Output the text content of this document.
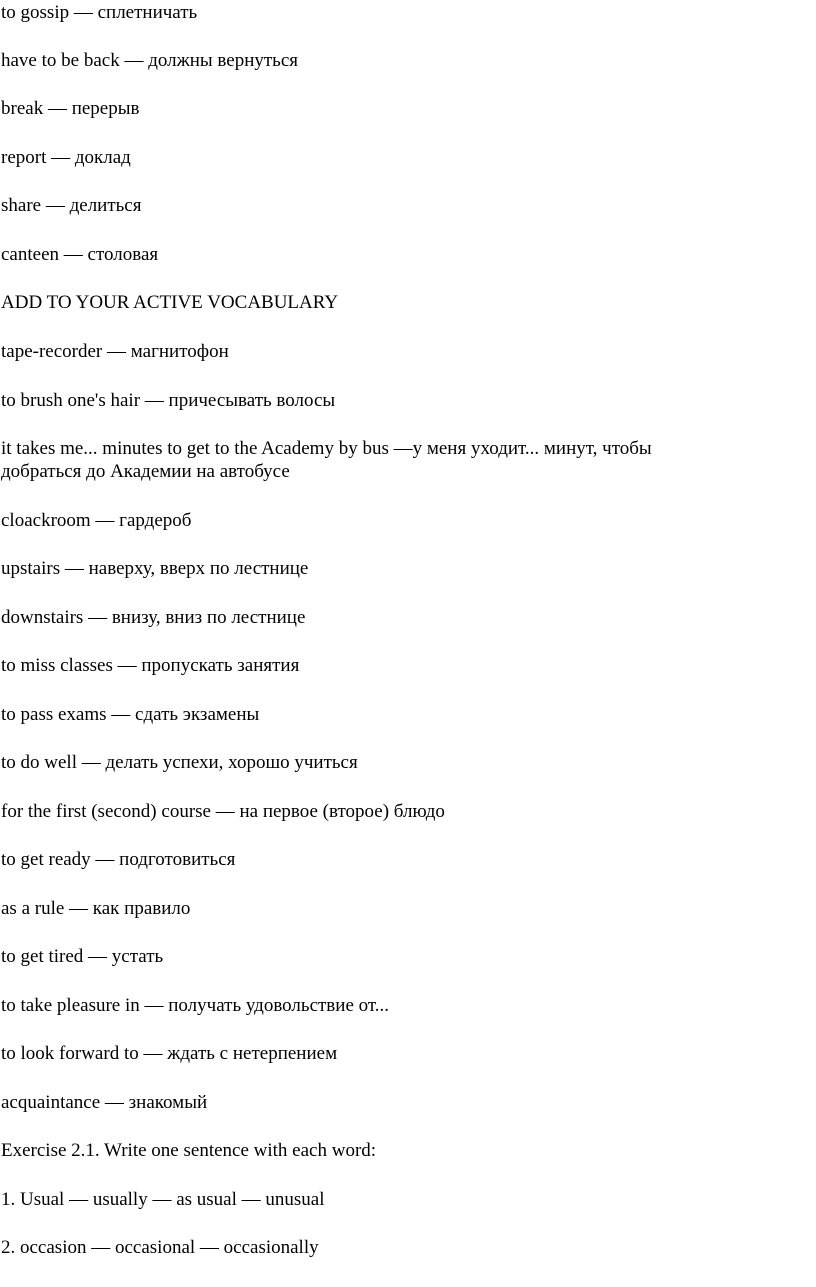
to gossip — сплетничать
have to be back — должны вернуться
break — перерыв
report — доклад
share — делиться
canteen — столовая
ADD TO YOUR ACTIVE VOCABULARY
tape-recorder — магнитофон
to brush one's hair — причесывать волосы
it takes me... minutes to get to the Academy by bus —у меня уходит... минут, чтобы
добраться до Академии на автобусе
cloackroom — гардероб
upstairs — наверху, вверх по лестнице
downstairs — внизу, вниз по лестнице
to miss classes — пропускать занятия
to pass exams — сдать экзамены
to do well — делать успехи, хорошо учиться
for the first (second) course — на первое (второе) блюдо
to get ready — подготовиться
as a rule — как правило
to get tired — устать
to take pleasure in — получать удовольствие от...
to look forward to — ждать с нетерпением
acquaintance — знакомый
Exercise 2.1. Write one sentence with each word:
1. Usual — usually — as usual — unusual
2. occasion — occasional — occasionally
